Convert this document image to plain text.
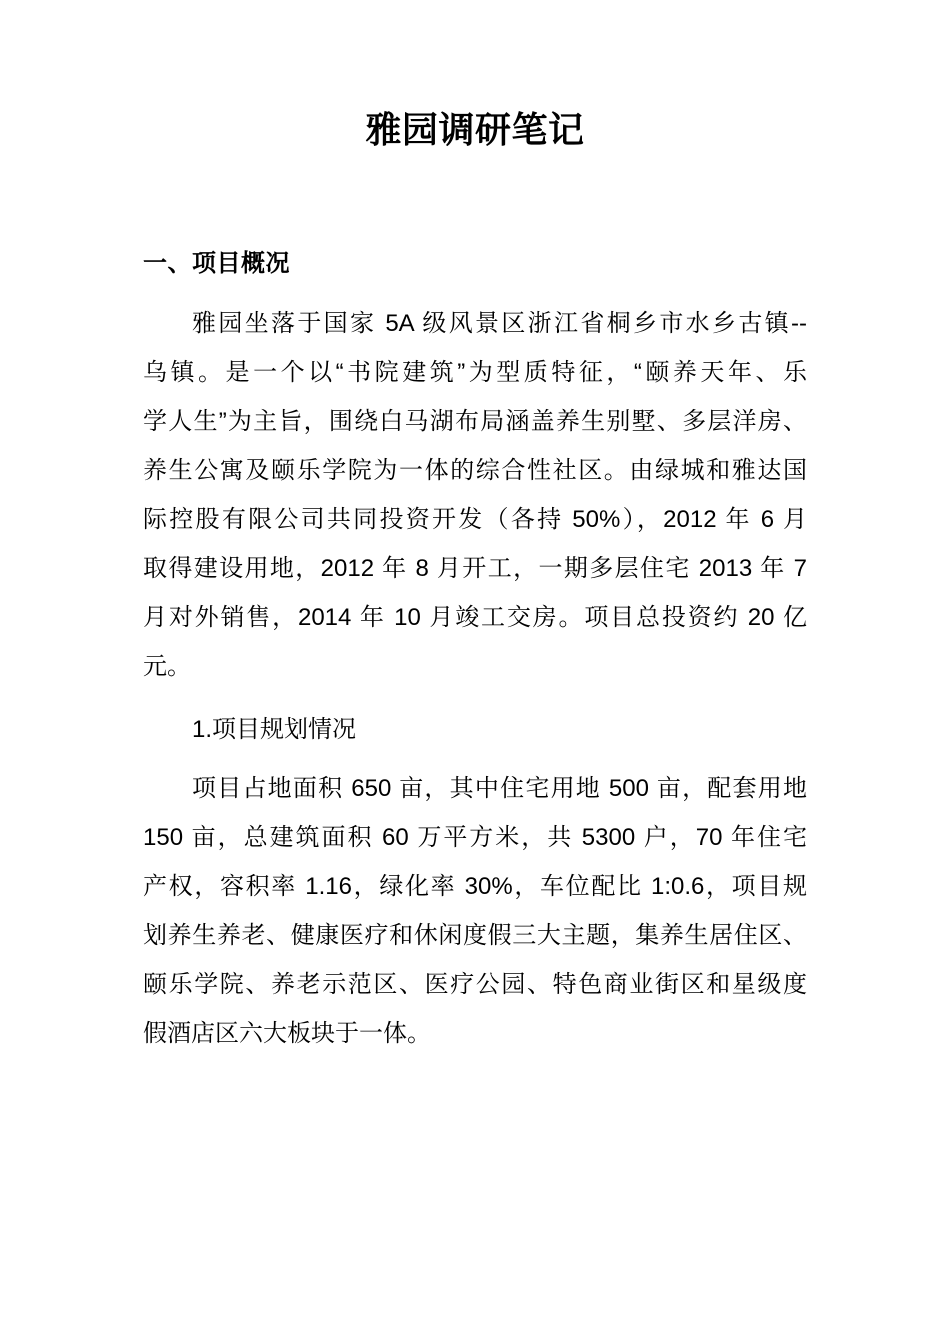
雅园调研笔记
一、项目概况
雅园坐落于国家 5A 级风景区浙江省桐乡市水乡古镇--
乌镇。是一个以“书院建筑”为型质特征，“颐养天年、乐
学人生”为主旨，围绕白马湖布局涵盖养生别墅、多层洋房、
养生公寓及颐乐学院为一体的综合性社区。由绿城和雅达国
际控股有限公司共同投资开发（各持 50%），2012 年 6 月
取得建设用地，2012 年 8 月开工，一期多层住宅 2013 年 7
月对外销售，2014 年 10 月竣工交房。项目总投资约 20 亿
元。
1.项目规划情况
项目占地面积 650 亩，其中住宅用地 500 亩，配套用地
150 亩，总建筑面积 60 万平方米，共 5300 户，70 年住宅
产权，容积率 1.16，绿化率 30%，车位配比 1:0.6，项目规
划养生养老、健康医疗和休闲度假三大主题，集养生居住区、
颐乐学院、养老示范区、医疗公园、特色商业街区和星级度
假酒店区六大板块于一体。
